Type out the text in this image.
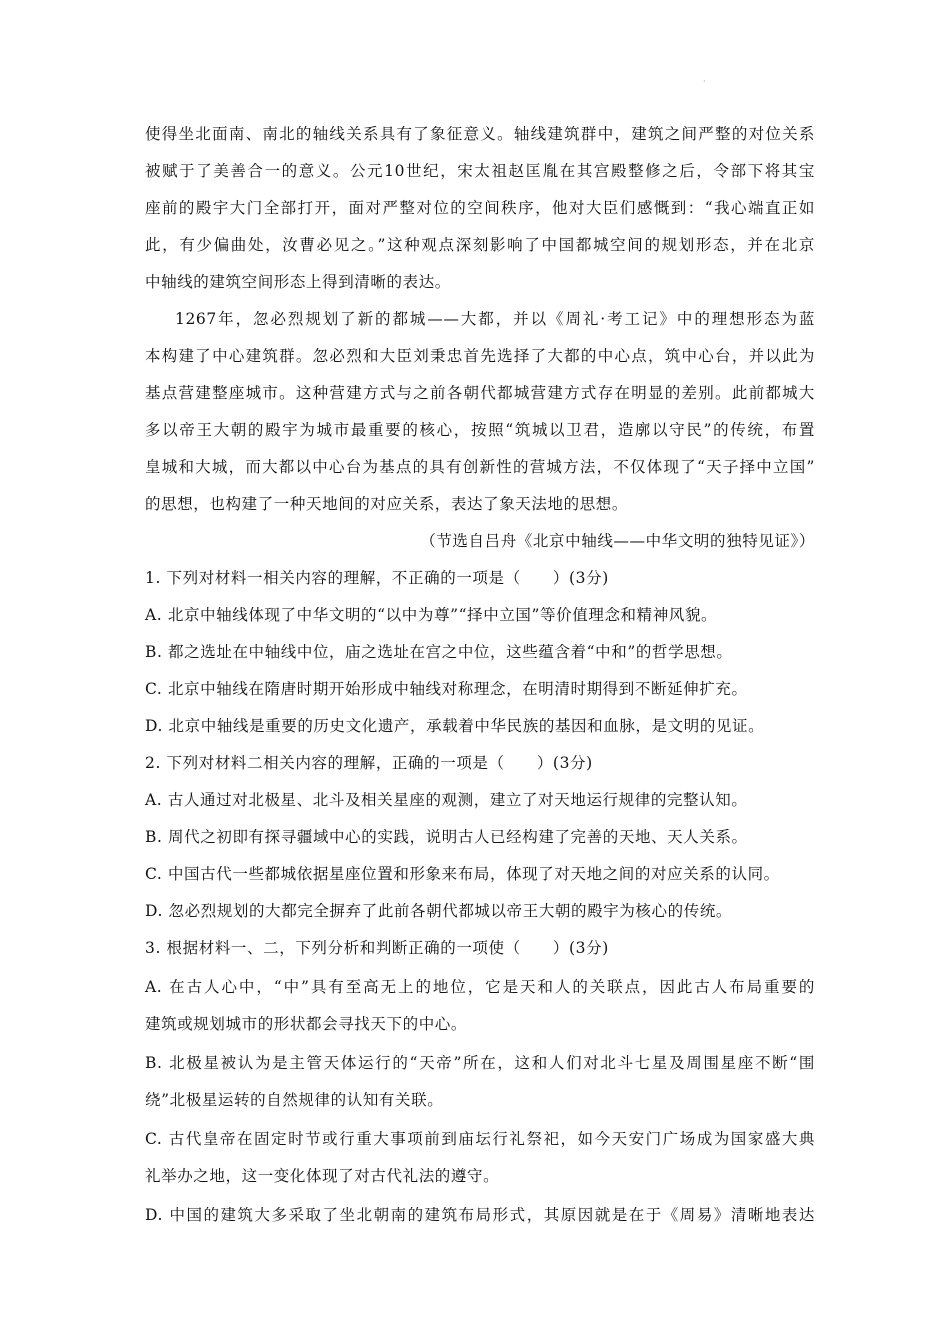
·
使得坐北面南、南北的轴线关系具有了象征意义。轴线建筑群中，建筑之间严整的对位关系
被赋于了美善合一的意义。公元10世纪，宋太祖赵匡胤在其宫殿整修之后，令部下将其宝
座前的殿宇大门全部打开，面对严整对位的空间秩序，他对大臣们感慨到：“我心端直正如
此，有少偏曲处，汝曹必见之。”这种观点深刻影响了中国都城空间的规划形态，并在北京
中轴线的建筑空间形态上得到清晰的表达。
1267年，忽必烈规划了新的都城——大都，并以《周礼·考工记》中的理想形态为蓝
本构建了中心建筑群。忽必烈和大臣刘秉忠首先选择了大都的中心点，筑中心台，并以此为
基点营建整座城市。这种营建方式与之前各朝代都城营建方式存在明显的差别。此前都城大
多以帝王大朝的殿宇为城市最重要的核心，按照“筑城以卫君，造廓以守民”的传统，布置
皇城和大城，而大都以中心台为基点的具有创新性的营城方法，不仅体现了“天子择中立国”
的思想，也构建了一种天地间的对应关系，表达了象天法地的思想。
（节选自吕舟《北京中轴线——中华文明的独特见证》）
1. 下列对材料一相关内容的理解，不正确的一项是（　　）(3分)
A. 北京中轴线体现了中华文明的“以中为尊”“择中立国”等价值理念和精神风貌。
B. 都之选址在中轴线中位，庙之选址在宫之中位，这些蕴含着“中和”的哲学思想。
C. 北京中轴线在隋唐时期开始形成中轴线对称理念，在明清时期得到不断延伸扩充。
D. 北京中轴线是重要的历史文化遗产，承载着中华民族的基因和血脉，是文明的见证。
2. 下列对材料二相关内容的理解，正确的一项是（　　）(3分)
A. 古人通过对北极星、北斗及相关星座的观测，建立了对天地运行规律的完整认知。
B. 周代之初即有探寻疆域中心的实践，说明古人已经构建了完善的天地、天人关系。
C. 中国古代一些都城依据星座位置和形象来布局，体现了对天地之间的对应关系的认同。
D. 忽必烈规划的大都完全摒弃了此前各朝代都城以帝王大朝的殿宇为核心的传统。
3. 根据材料一、二，下列分析和判断正确的一项使（　　）(3分)
A. 在古人心中，“中”具有至高无上的地位，它是天和人的关联点，因此古人布局重要的
建筑或规划城市的形状都会寻找天下的中心。
B. 北极星被认为是主管天体运行的“天帝”所在，这和人们对北斗七星及周围星座不断“围
绕”北极星运转的自然规律的认知有关联。
C. 古代皇帝在固定时节或行重大事项前到庙坛行礼祭祀，如今天安门广场成为国家盛大典
礼举办之地，这一变化体现了对古代礼法的遵守。
D. 中国的建筑大多采取了坐北朝南的建筑布局形式，其原因就是在于《周易》清晰地表达
